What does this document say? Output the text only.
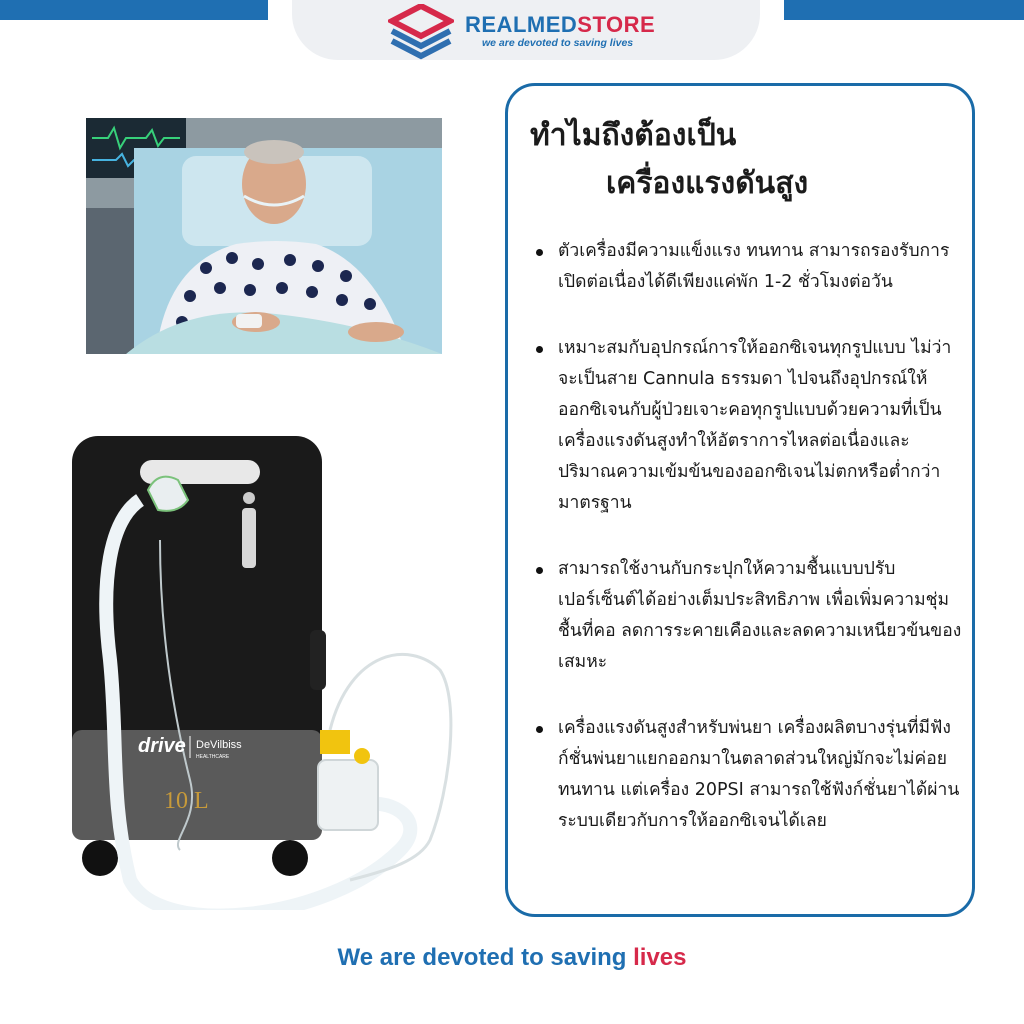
REALMEDSTORE
we are devoted to saving lives
drive DeVilbiss
HEALTHCARE
10 L
ทำไมถึงต้องเป็น
เครื่องแรงดันสูง
ตัวเครื่องมีความแข็งแรง ทนทาน สามารถรองรับการเปิดต่อเนื่องได้ดีเพียงแค่พัก 1-2 ชั่วโมงต่อวัน
เหมาะสมกับอุปกรณ์การให้ออกซิเจนทุกรูปแบบ ไม่ว่าจะเป็นสาย Cannula ธรรมดา ไปจนถึงอุปกรณ์ให้ออกซิเจนกับผู้ป่วยเจาะคอทุกรูปแบบด้วยความที่เป็นเครื่องแรงดันสูงทำให้อัตราการไหลต่อเนื่องและปริมาณความเข้มข้นของออกซิเจนไม่ตกหรือต่ำกว่ามาตรฐาน
สามารถใช้งานกับกระปุกให้ความชื้นแบบปรับเปอร์เซ็นต์ได้อย่างเต็มประสิทธิภาพ เพื่อเพิ่มความชุ่มชื้นที่คอ ลดการระคายเคืองและลดความเหนียวข้นของเสมหะ
เครื่องแรงดันสูงสำหรับพ่นยา เครื่องผลิตบางรุ่นที่มีฟังก์ชั่นพ่นยาแยกออกมาในตลาดส่วนใหญ่มักจะไม่ค่อยทนทาน แต่เครื่อง 20PSI สามารถใช้ฟังก์ชั่นยาได้ผ่านระบบเดียวกับการให้ออกซิเจนได้เลย
We are devoted to saving lives
